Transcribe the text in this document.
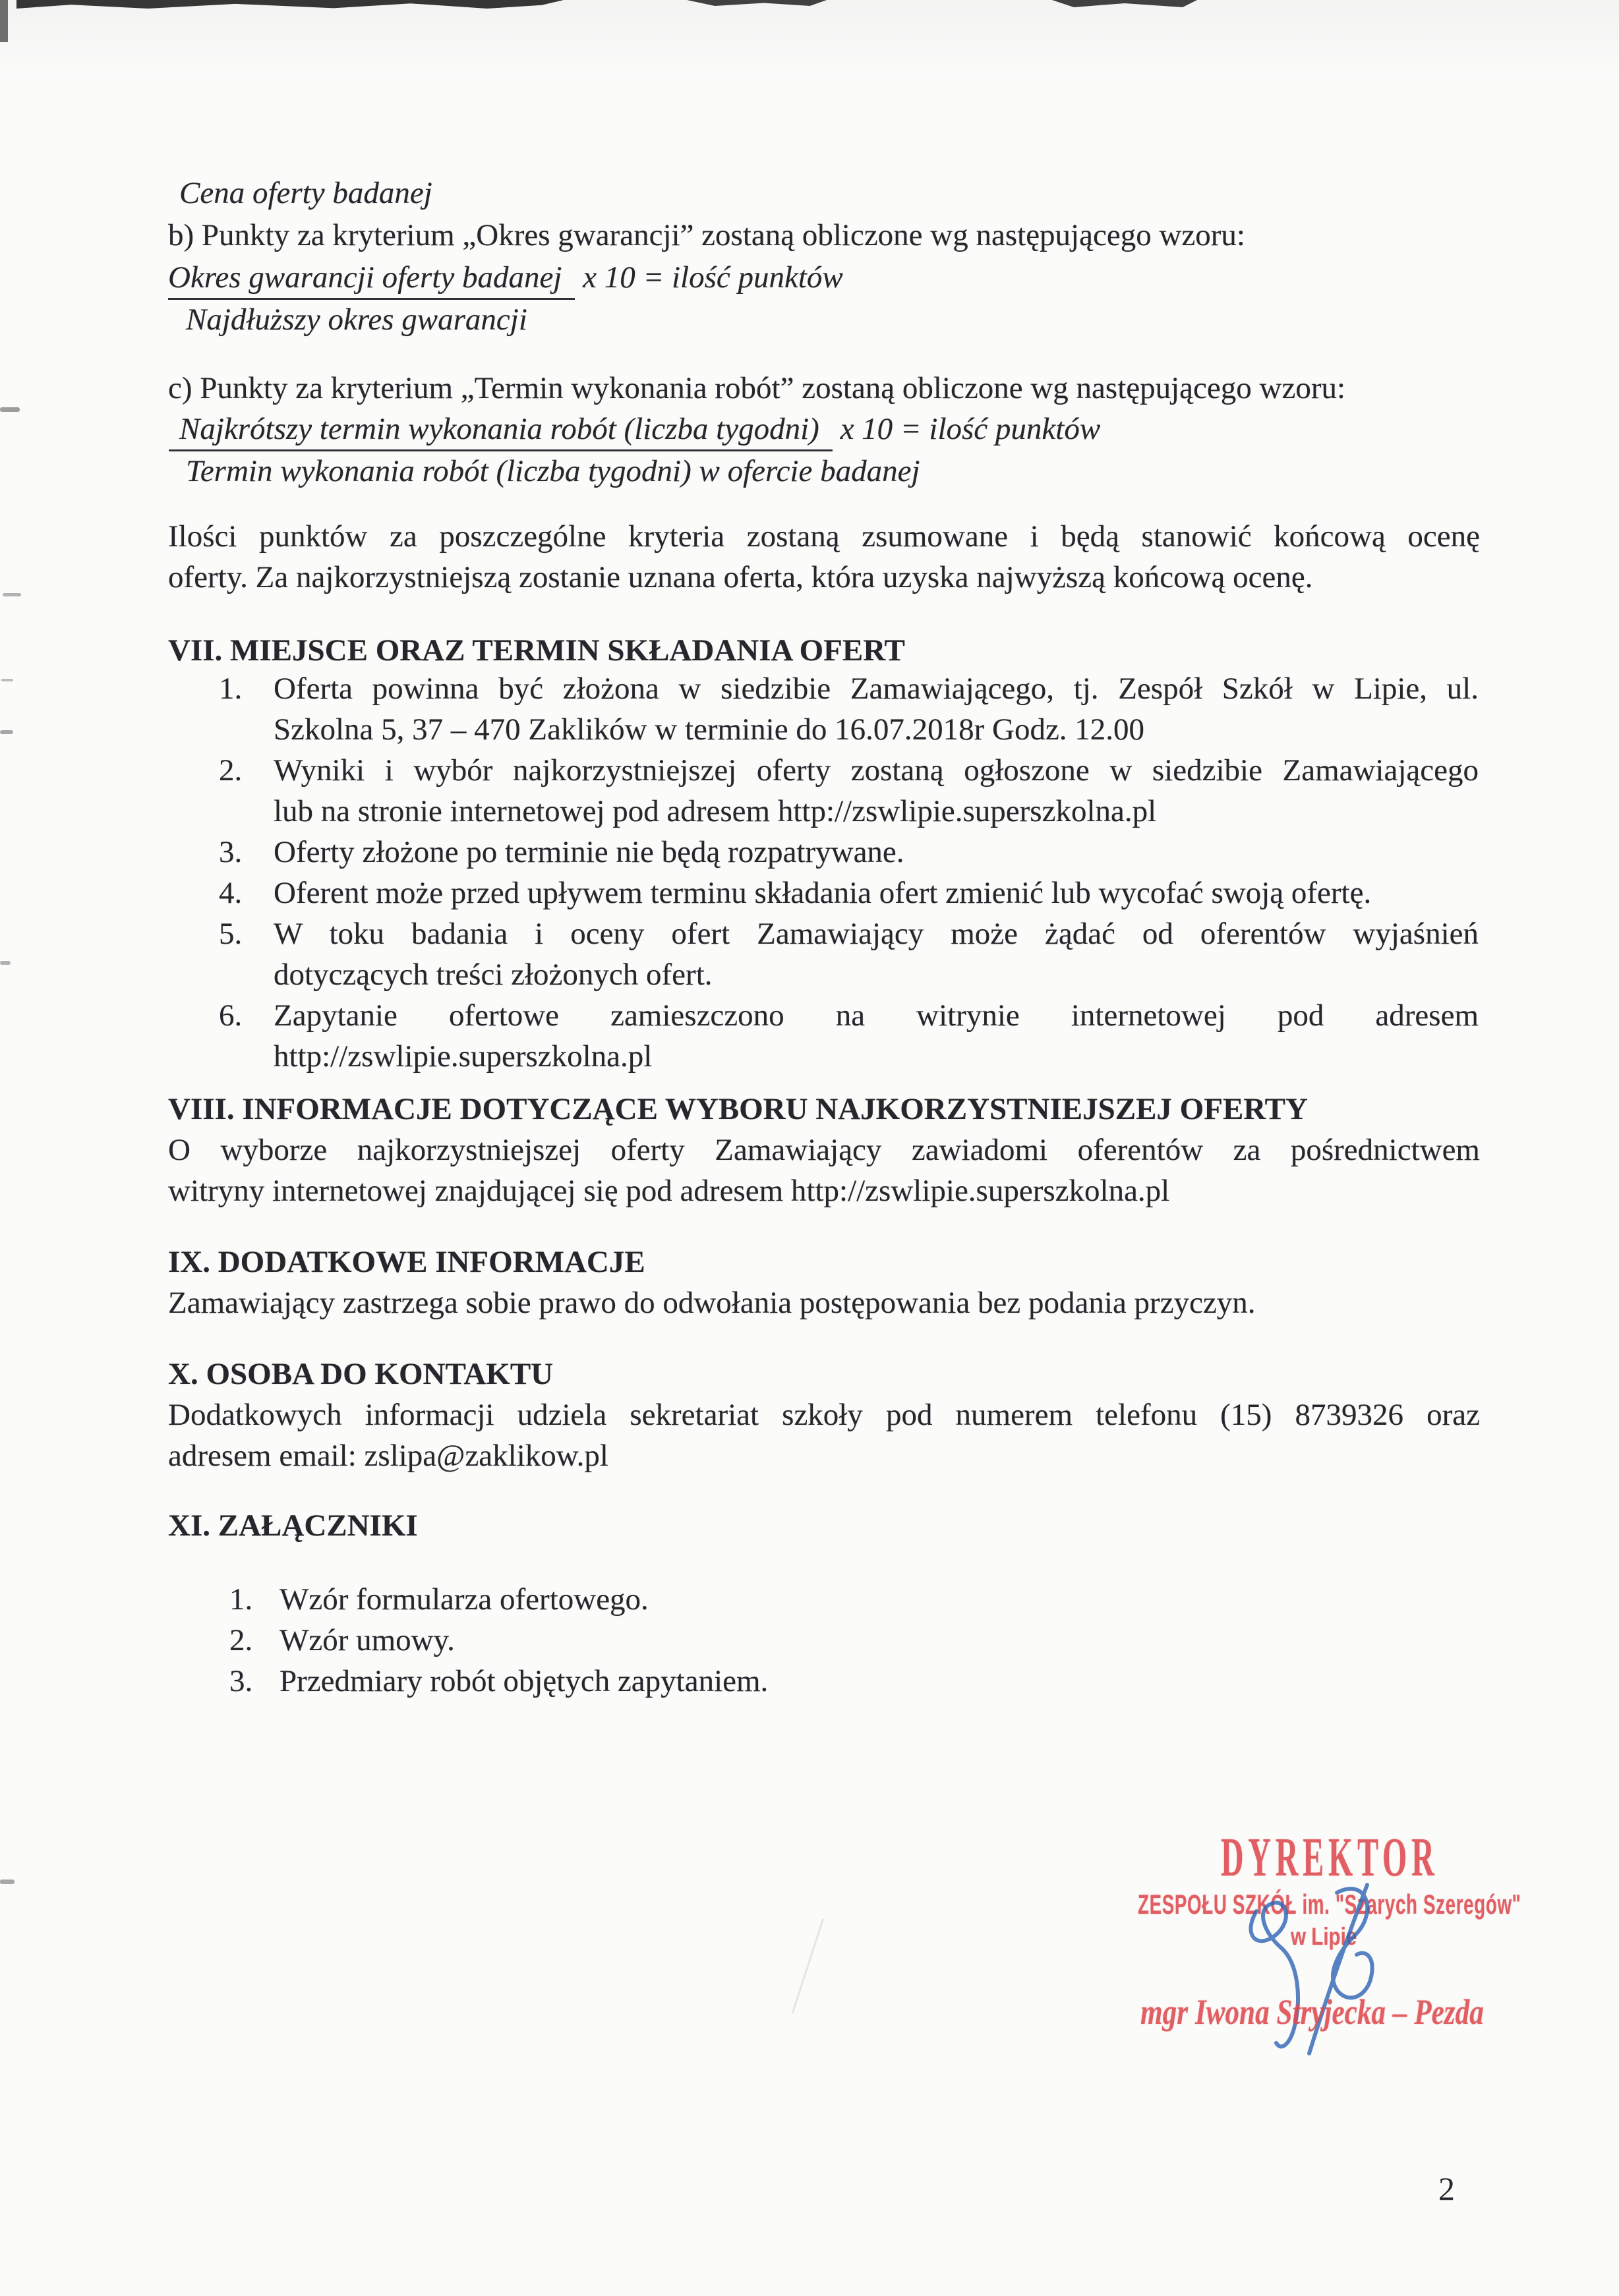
Cena oferty badanej
b) Punkty za kryterium „Okres gwarancji” zostaną obliczone wg następującego wzoru:
Okres gwarancji oferty badanej x 10 = ilość punktów
Najdłuższy okres gwarancji
c) Punkty za kryterium „Termin wykonania robót” zostaną obliczone wg następującego wzoru:
Najkrótszy termin wykonania robót (liczba tygodni) x 10 = ilość punktów
Termin wykonania robót (liczba tygodni) w ofercie badanej
Ilości punktów za poszczególne kryteria zostaną zsumowane i będą stanowić końcową ocenę
oferty. Za najkorzystniejszą zostanie uznana oferta, która uzyska najwyższą końcową ocenę.
VII. MIEJSCE ORAZ TERMIN SKŁADANIA OFERT
1.	Oferta powinna być złożona w siedzibie Zamawiającego, tj. Zespół Szkół w Lipie, ul.
Szkolna 5, 37 – 470 Zaklików w terminie do 16.07.2018r Godz. 12.00
2.	Wyniki i wybór najkorzystniejszej oferty zostaną ogłoszone w siedzibie Zamawiającego
lub na stronie internetowej pod adresem http://zswlipie.superszkolna.pl
3.	Oferty złożone po terminie nie będą rozpatrywane.
4.	Oferent może przed upływem terminu składania ofert zmienić lub wycofać swoją ofertę.
5.	W toku badania i oceny ofert Zamawiający może żądać od oferentów wyjaśnień
dotyczących treści złożonych ofert.
6.	Zapytanie ofertowe zamieszczono na witrynie internetowej pod adresem
http://zswlipie.superszkolna.pl
VIII. INFORMACJE DOTYCZĄCE WYBORU NAJKORZYSTNIEJSZEJ OFERTY
O wyborze najkorzystniejszej oferty Zamawiający zawiadomi oferentów za pośrednictwem
witryny internetowej znajdującej się pod adresem http://zswlipie.superszkolna.pl
IX. DODATKOWE INFORMACJE
Zamawiający zastrzega sobie prawo do odwołania postępowania bez podania przyczyn.
X. OSOBA DO KONTAKTU
Dodatkowych informacji udziela sekretariat szkoły pod numerem telefonu (15) 8739326 oraz
adresem email: zslipa@zaklikow.pl
XI. ZAŁĄCZNIKI
1. Wzór formularza ofertowego.
2. Wzór umowy.
3. Przedmiary robót objętych zapytaniem.
DYREKTOR
ZESPOŁU SZKÓŁ im. "Szarych Szeregów"
w Lipie
mgr Iwona Stryjecka – Pezda
2
